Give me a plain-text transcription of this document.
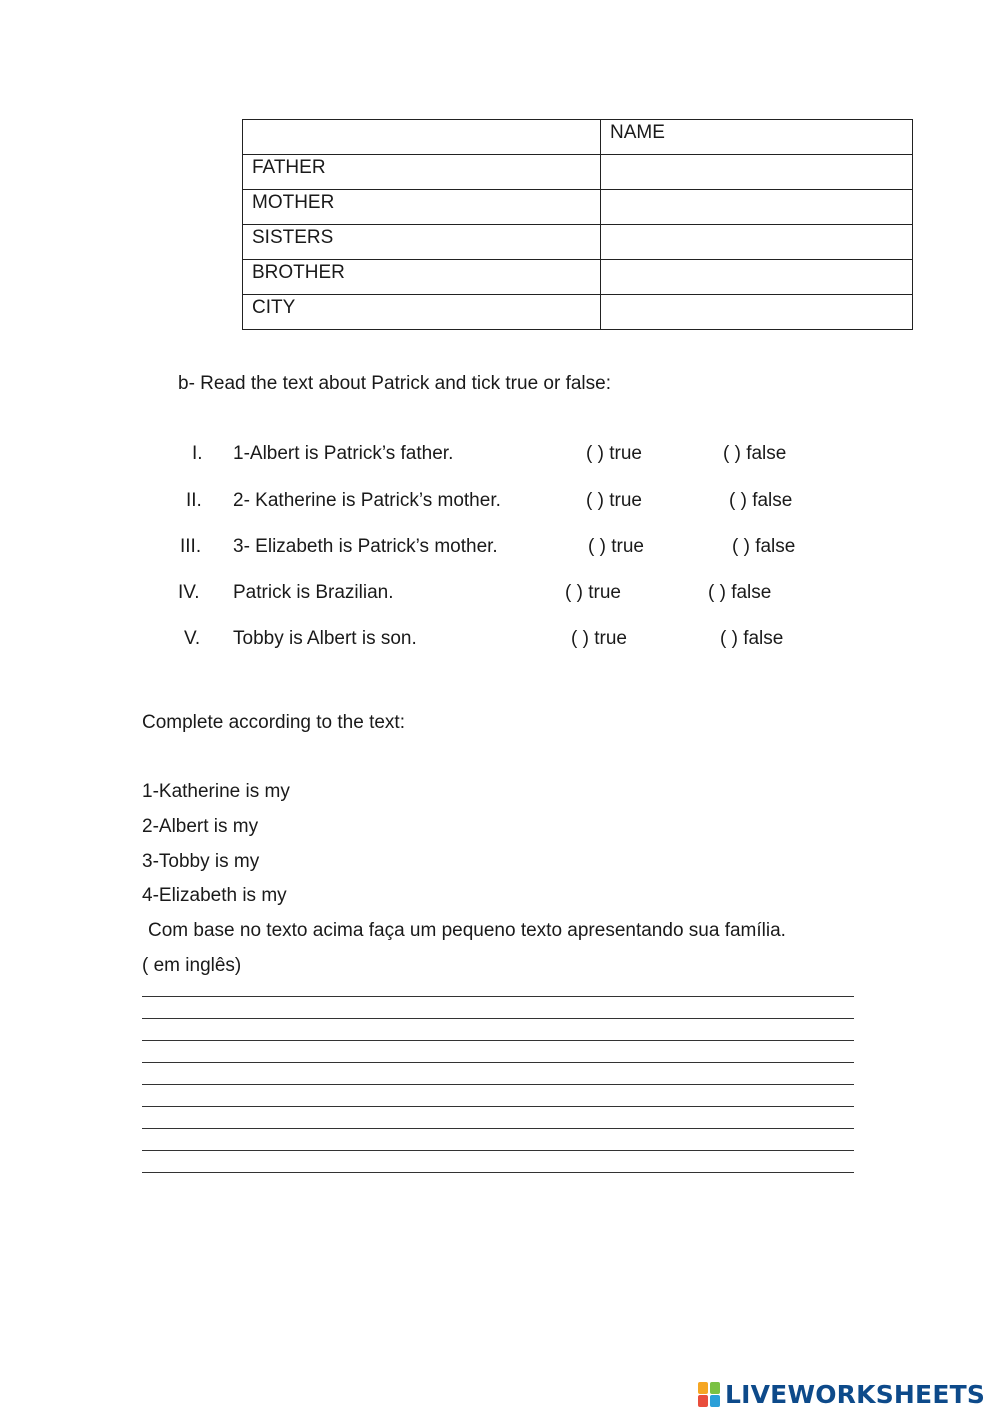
	NAME
FATHER	
MOTHER	
SISTERS	
BROTHER	
CITY	
b- Read the text about Patrick and tick true or false:
I. 1-Albert is Patrick’s father.	( ) true	( ) false
II. 2- Katherine is Patrick’s mother.	( ) true	( ) false
III. 3- Elizabeth is Patrick’s mother.	( ) true	( ) false
IV. Patrick is Brazilian.	( ) true	( ) false
V. Tobby is Albert is son.	( ) true	( ) false
Complete according to the text:
1-Katherine is my
2-Albert is my
3-Tobby is my
4-Elizabeth is my
Com base no texto acima faça um pequeno texto apresentando sua família.
( em inglês)
LIVEWORKSHEETS
